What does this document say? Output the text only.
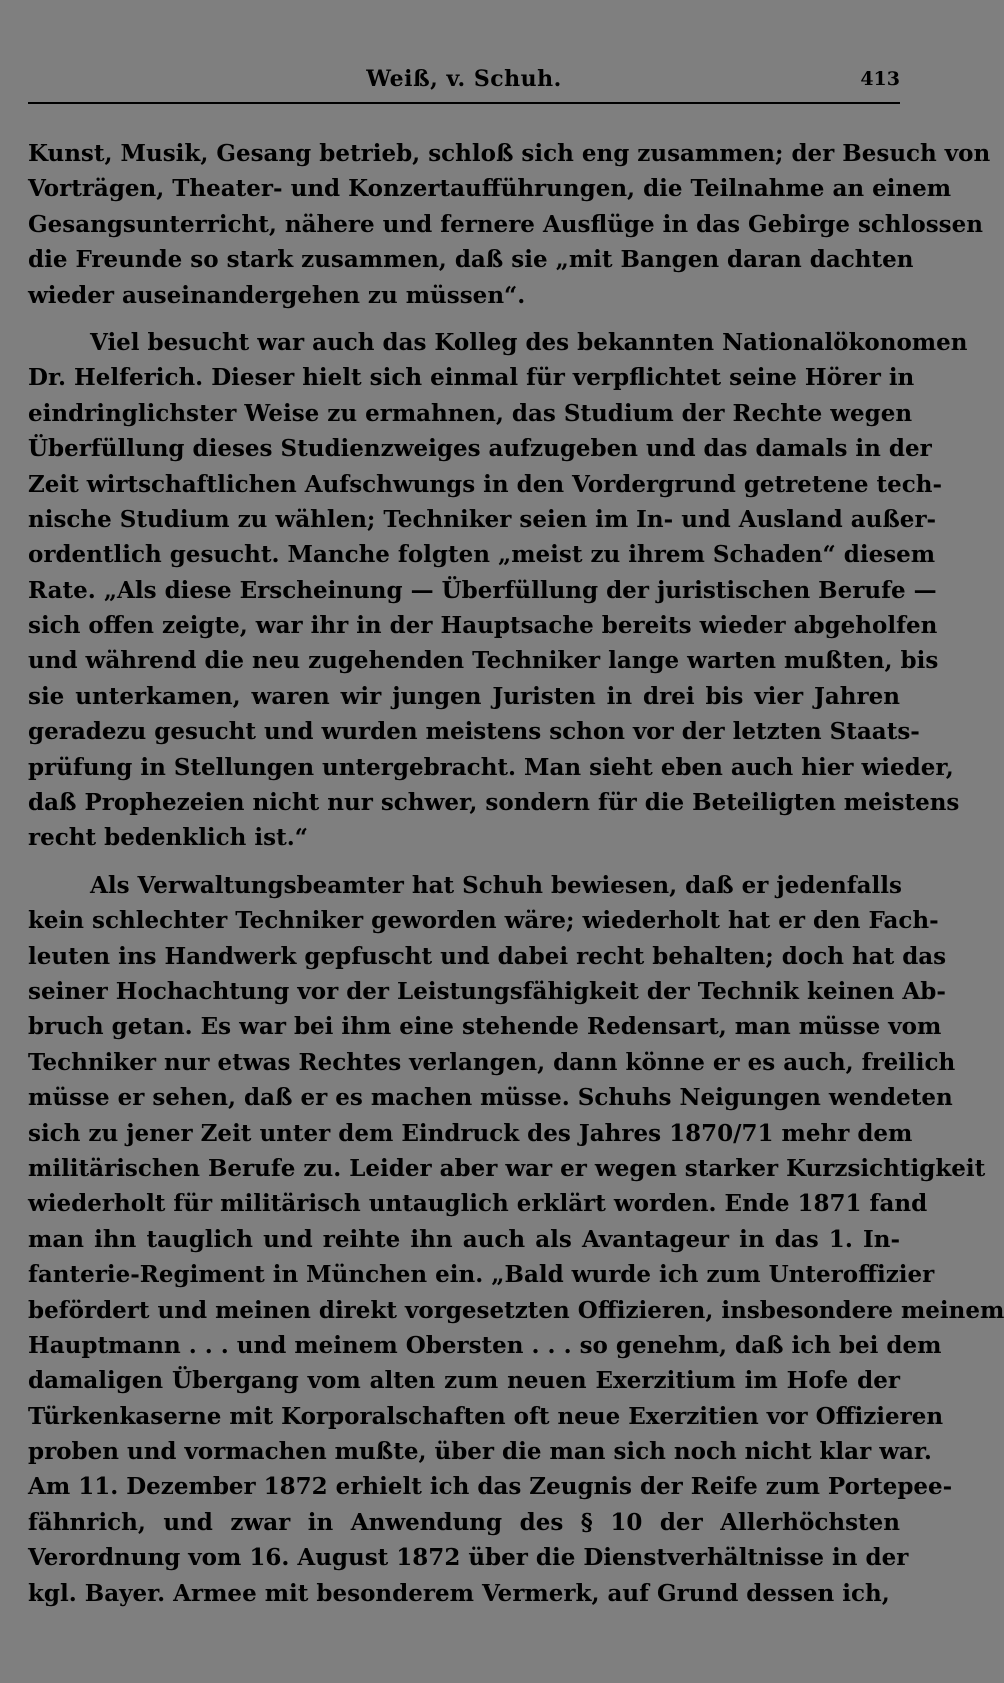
Weiß, v. Schuh.	413
Kunst, Musik, Gesang betrieb, schloß sich eng zusammen; der Besuch von
Vorträgen, Theater- und Konzertaufführungen, die Teilnahme an einem
Gesangsunterricht, nähere und fernere Ausflüge in das Gebirge schlossen
die Freunde so stark zusammen, daß sie „mit Bangen daran dachten
wieder auseinandergehen zu müssen“.
Viel besucht war auch das Kolleg des bekannten Nationalökonomen
Dr. Helferich. Dieser hielt sich einmal für verpflichtet seine Hörer in
eindringlichster Weise zu ermahnen, das Studium der Rechte wegen
Überfüllung dieses Studienzweiges aufzugeben und das damals in der
Zeit wirtschaftlichen Aufschwungs in den Vordergrund getretene tech-
nische Studium zu wählen; Techniker seien im In- und Ausland außer-
ordentlich gesucht. Manche folgten „meist zu ihrem Schaden“ diesem
Rate. „Als diese Erscheinung — Überfüllung der juristischen Berufe —
sich offen zeigte, war ihr in der Hauptsache bereits wieder abgeholfen
und während die neu zugehenden Techniker lange warten mußten, bis
sie unterkamen, waren wir jungen Juristen in drei bis vier Jahren
geradezu gesucht und wurden meistens schon vor der letzten Staats-
prüfung in Stellungen untergebracht. Man sieht eben auch hier wieder,
daß Prophezeien nicht nur schwer, sondern für die Beteiligten meistens
recht bedenklich ist.“
Als Verwaltungsbeamter hat Schuh bewiesen, daß er jedenfalls
kein schlechter Techniker geworden wäre; wiederholt hat er den Fach-
leuten ins Handwerk gepfuscht und dabei recht behalten; doch hat das
seiner Hochachtung vor der Leistungsfähigkeit der Technik keinen Ab-
bruch getan. Es war bei ihm eine stehende Redensart, man müsse vom
Techniker nur etwas Rechtes verlangen, dann könne er es auch, freilich
müsse er sehen, daß er es machen müsse. Schuhs Neigungen wendeten
sich zu jener Zeit unter dem Eindruck des Jahres 1870/71 mehr dem
militärischen Berufe zu. Leider aber war er wegen starker Kurzsichtigkeit
wiederholt für militärisch untauglich erklärt worden. Ende 1871 fand
man ihn tauglich und reihte ihn auch als Avantageur in das 1. In-
fanterie-Regiment in München ein. „Bald wurde ich zum Unteroffizier
befördert und meinen direkt vorgesetzten Offizieren, insbesondere meinem
Hauptmann . . . und meinem Obersten . . . so genehm, daß ich bei dem
damaligen Übergang vom alten zum neuen Exerzitium im Hofe der
Türkenkaserne mit Korporalschaften oft neue Exerzitien vor Offizieren
proben und vormachen mußte, über die man sich noch nicht klar war.
Am 11. Dezember 1872 erhielt ich das Zeugnis der Reife zum Portepee-
fähnrich, und zwar in Anwendung des § 10 der Allerhöchsten
Verordnung vom 16. August 1872 über die Dienstverhältnisse in der
kgl. Bayer. Armee mit besonderem Vermerk, auf Grund dessen ich,
